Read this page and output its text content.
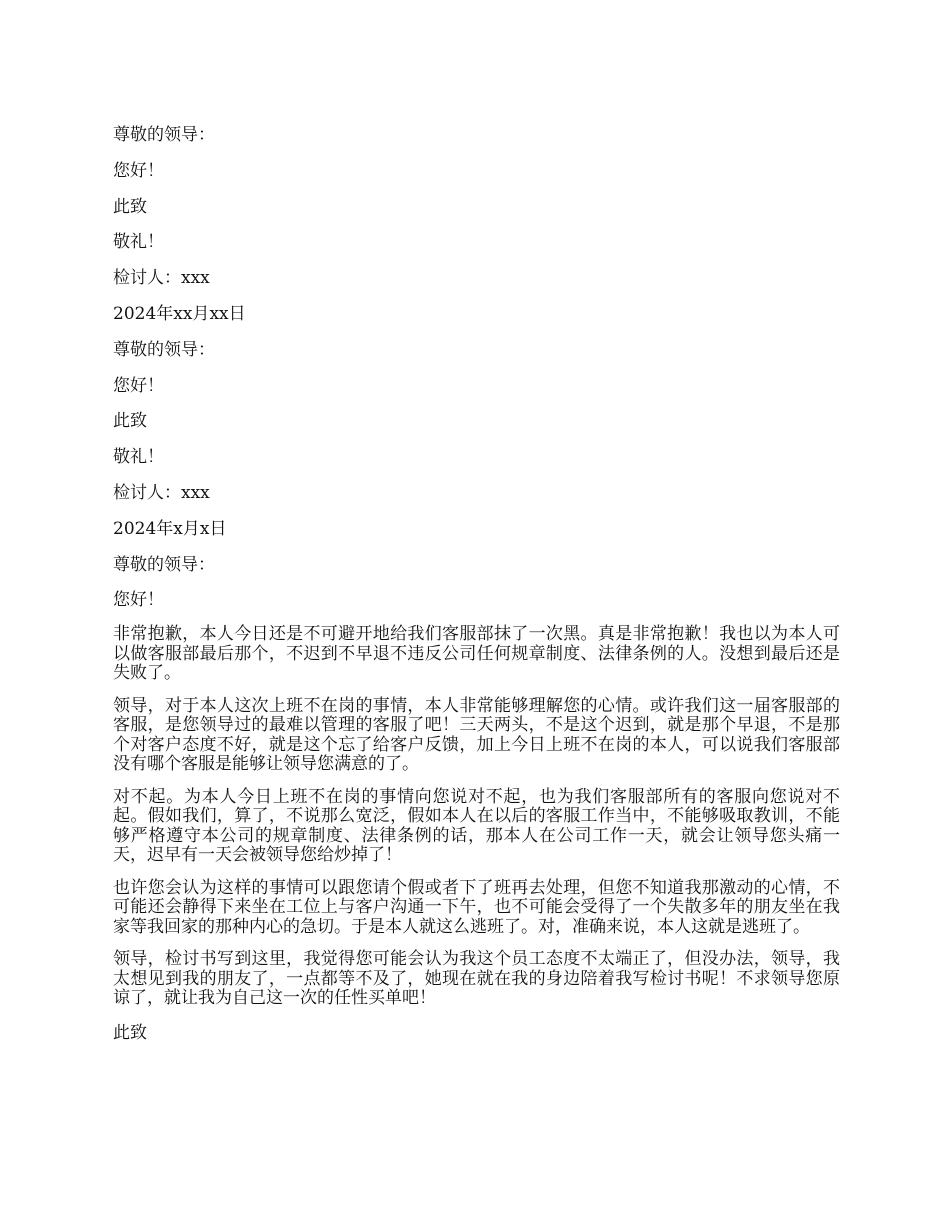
尊敬的领导：

您好！

此致

敬礼！

检讨人：xxx

2024年xx月xx日

尊敬的领导：

您好！

此致

敬礼！

检讨人：xxx

2024年x月x日

尊敬的领导：

您好！

非常抱歉，本人今日还是不可避开地给我们客服部抹了一次黑。真是非常抱歉！我也以为本人可以做客服部最后那个，不迟到不早退不违反公司任何规章制度、法律条例的人。没想到最后还是失败了。

领导，对于本人这次上班不在岗的事情，本人非常能够理解您的心情。或许我们这一届客服部的客服，是您领导过的最难以管理的客服了吧！三天两头，不是这个迟到，就是那个早退，不是那个对客户态度不好，就是这个忘了给客户反馈，加上今日上班不在岗的本人，可以说我们客服部没有哪个客服是能够让领导您满意的了。

对不起。为本人今日上班不在岗的事情向您说对不起，也为我们客服部所有的客服向您说对不起。假如我们，算了，不说那么宽泛，假如本人在以后的客服工作当中，不能够吸取教训，不能够严格遵守本公司的规章制度、法律条例的话，那本人在公司工作一天，就会让领导您头痛一天，迟早有一天会被领导您给炒掉了！

也许您会认为这样的事情可以跟您请个假或者下了班再去处理，但您不知道我那激动的心情，不可能还会静得下来坐在工位上与客户沟通一下午，也不可能会受得了一个失散多年的朋友坐在我家等我回家的那种内心的急切。于是本人就这么逃班了。对，准确来说，本人这就是逃班了。

领导，检讨书写到这里，我觉得您可能会认为我这个员工态度不太端正了，但没办法，领导，我太想见到我的朋友了，一点都等不及了，她现在就在我的身边陪着我写检讨书呢！不求领导您原谅了，就让我为自己这一次的任性买单吧！

此致
